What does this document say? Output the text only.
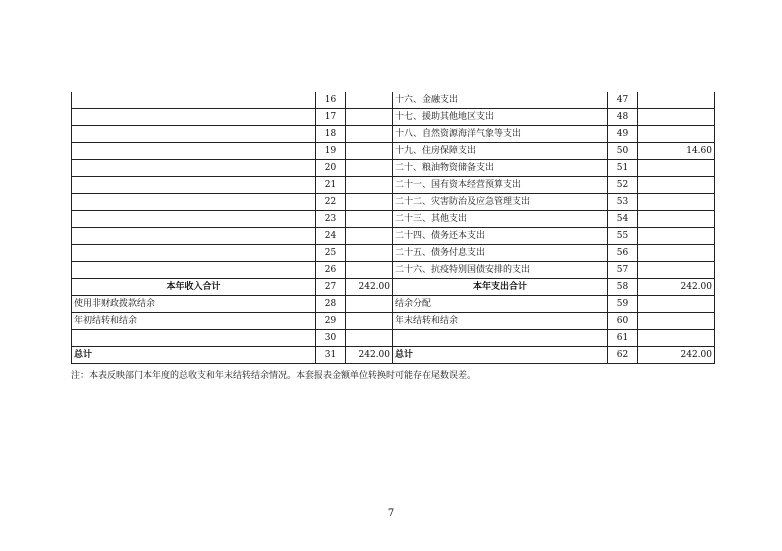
	16		十六、金融支出	47	
	17		十七、援助其他地区支出	48	
	18		十八、自然资源海洋气象等支出	49	
	19		十九、住房保障支出	50	14.60
	20		二十、粮油物资储备支出	51	
	21		二十一、国有资本经营预算支出	52	
	22		二十二、灾害防治及应急管理支出	53	
	23		二十三、其他支出	54	
	24		二十四、债务还本支出	55	
	25		二十五、债务付息支出	56	
	26		二十六、抗疫特别国债安排的支出	57	
本年收入合计	27	242.00	本年支出合计	58	242.00
使用非财政拨款结余	28		结余分配	59	
年初结转和结余	29		年末结转和结余	60	
	30			61	
总计	31	242.00	总计	62	242.00
注：本表反映部门本年度的总收支和年末结转结余情况。本套报表金额单位转换时可能存在尾数误差。
7
